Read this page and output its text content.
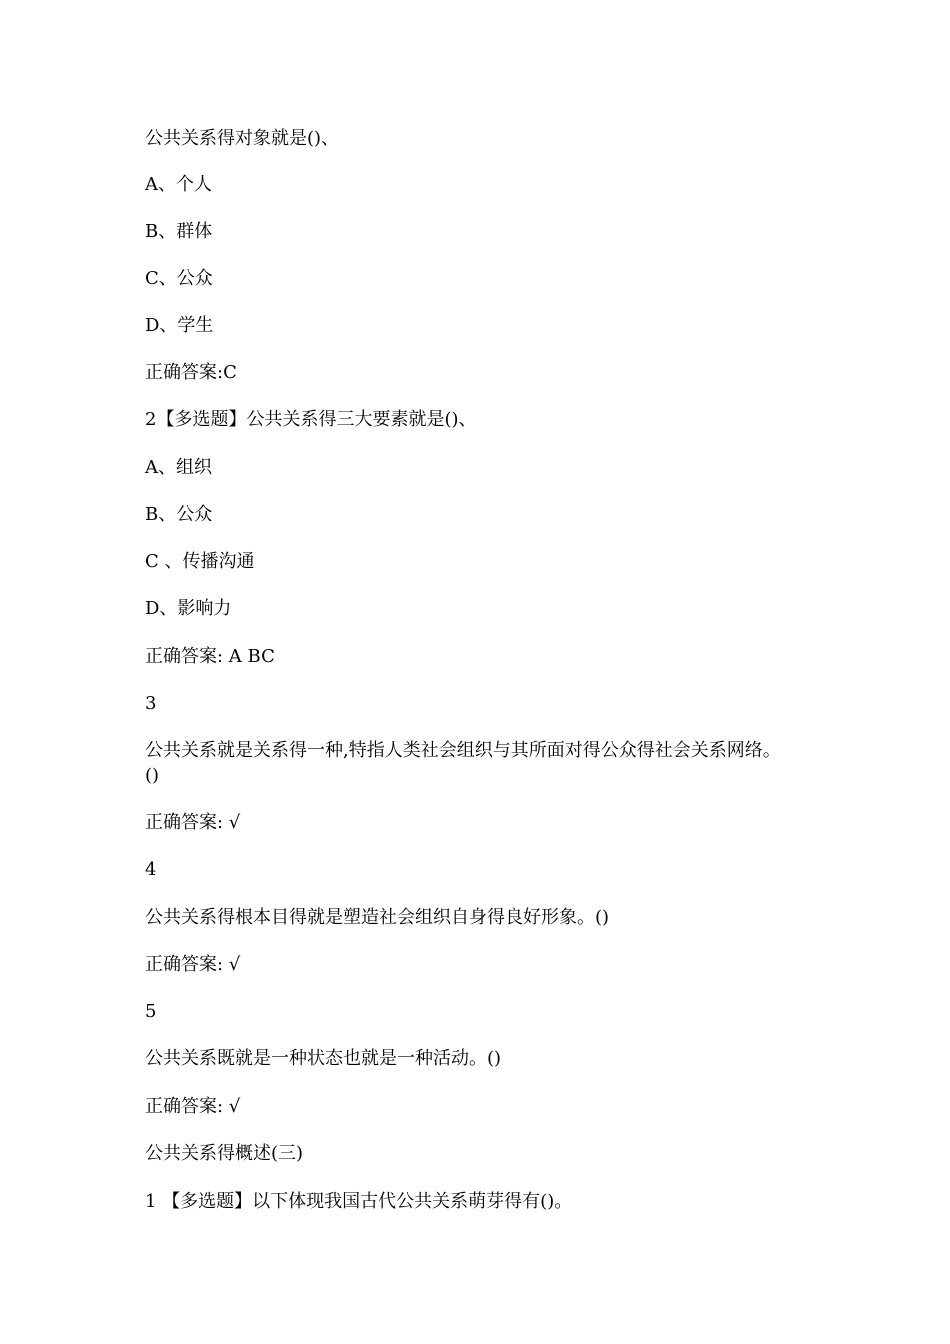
公共关系得对象就是()、
A、个人
B、群体
C、公众
D、学生
正确答案:C
2【多选题】公共关系得三大要素就是()、
A、组织
B、公众
C 、传播沟通
D、影响力
正确答案: A BC
3
公共关系就是关系得一种,特指人类社会组织与其所面对得公众得社会关系网络。
()
正确答案: √
4
公共关系得根本目得就是塑造社会组织自身得良好形象。()
正确答案: √
5
公共关系既就是一种状态也就是一种活动。()
正确答案: √
公共关系得概述(三)
1 【多选题】以下体现我国古代公共关系萌芽得有()。
